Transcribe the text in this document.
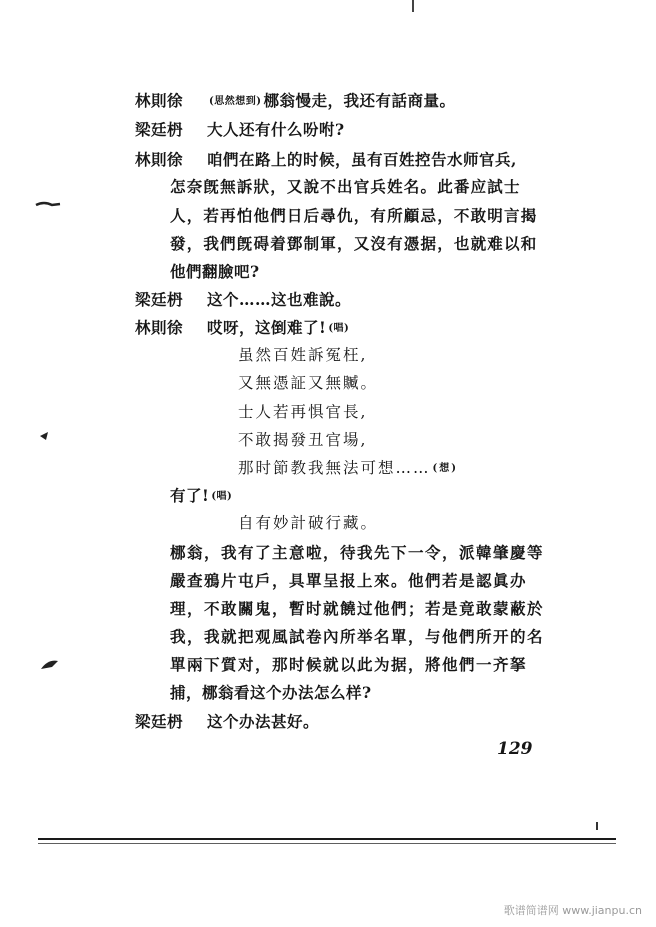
林則徐	(思然想到) 梛翁慢走，我还有話商量。
梁廷枬 大人还有什么吩咐?
林則徐 咱們在路上的时候，虽有百姓控告水师官兵,
怎奈旣無訴狀，又說不出官兵姓名。此番应試士
人，若再怕他們日后尋仇，有所顧忌，不敢明言揭
發，我們旣碍着鄧制軍，又沒有憑据，也就难以和
他們翻臉吧?
梁廷枬 这个……这也难說。
林則徐 哎呀，这倒难了! (唱)
虽然百姓訴冤枉,
又無憑証又無贓。
士人若再惧官長,
不敢揭發丑官場,
那时節教我無法可想…… (想)
有了! (唱)
自有妙計破行藏。
梛翁，我有了主意啦，待我先下一令，派韓肇慶等
嚴查鴉片屯戶，具單呈报上來。他們若是認眞办
理，不敢關鬼，暫时就饒过他們；若是竟敢蒙蔽於
我，我就把观風試卷內所举名單，与他們所开的名
單兩下質对，那时候就以此为据，將他們一齐拏
捕，梛翁看这个办法怎么样?
梁廷枬 这个办法甚好。
129
歌谱简谱网 www.jianpu.cn
